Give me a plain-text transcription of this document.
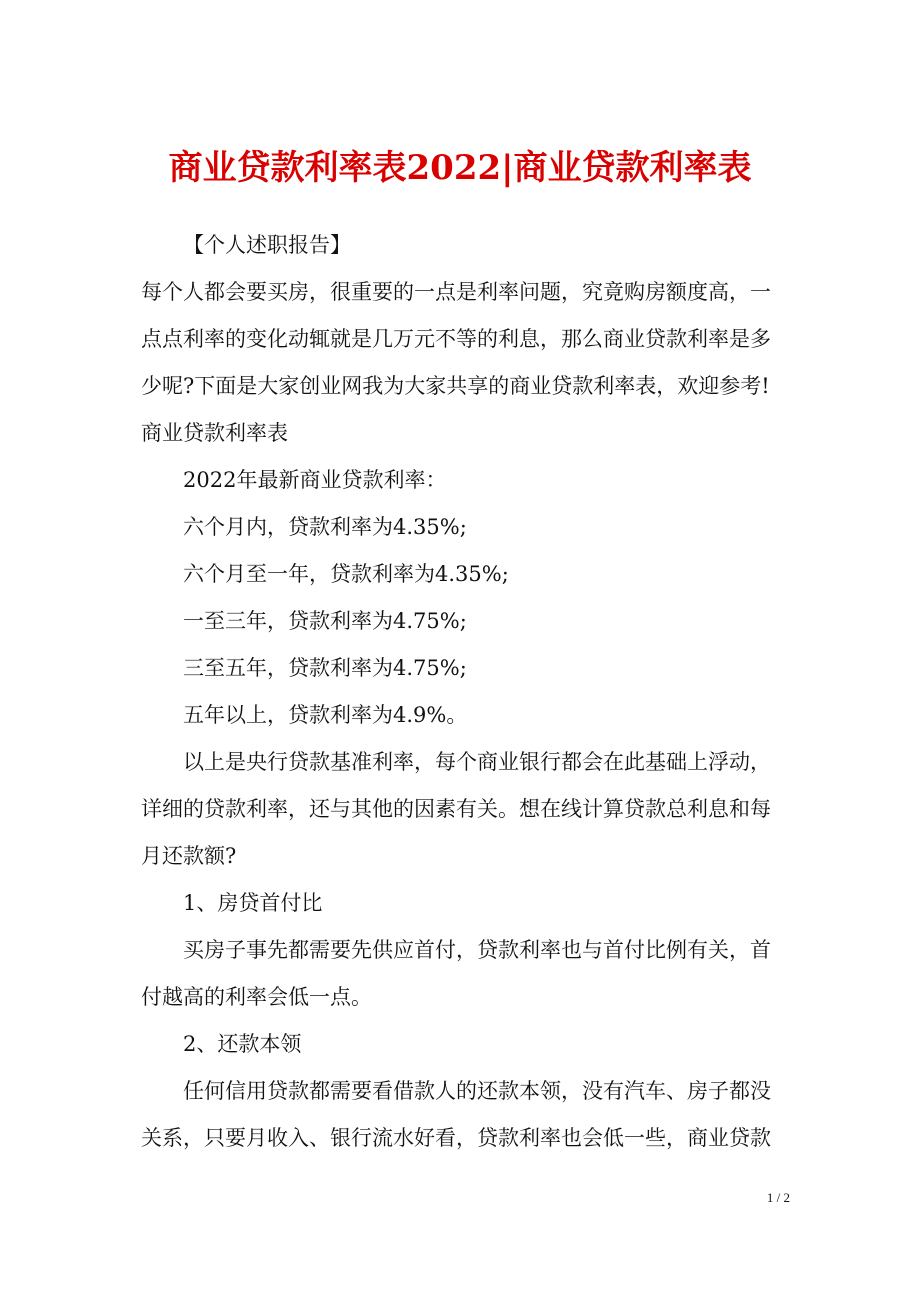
商业贷款利率表2022|商业贷款利率表

【个人述职报告】

每个人都会要买房，很重要的一点是利率问题，究竟购房额度高，一点点利率的变化动辄就是几万元不等的利息，那么商业贷款利率是多少呢?下面是大家创业网我为大家共享的商业贷款利率表，欢迎参考!

商业贷款利率表

2022年最新商业贷款利率：

六个月内，贷款利率为4.35%;

六个月至一年，贷款利率为4.35%;

一至三年，贷款利率为4.75%;

三至五年，贷款利率为4.75%;

五年以上，贷款利率为4.9%。

以上是央行贷款基准利率，每个商业银行都会在此基础上浮动，详细的贷款利率，还与其他的因素有关。想在线计算贷款总利息和每月还款额?

1、房贷首付比

买房子事先都需要先供应首付，贷款利率也与首付比例有关，首付越高的利率会低一点。

2、还款本领

任何信用贷款都需要看借款人的还款本领，没有汽车、房子都没关系，只要月收入、银行流水好看，贷款利率也会低一些，商业贷款

1 / 2
